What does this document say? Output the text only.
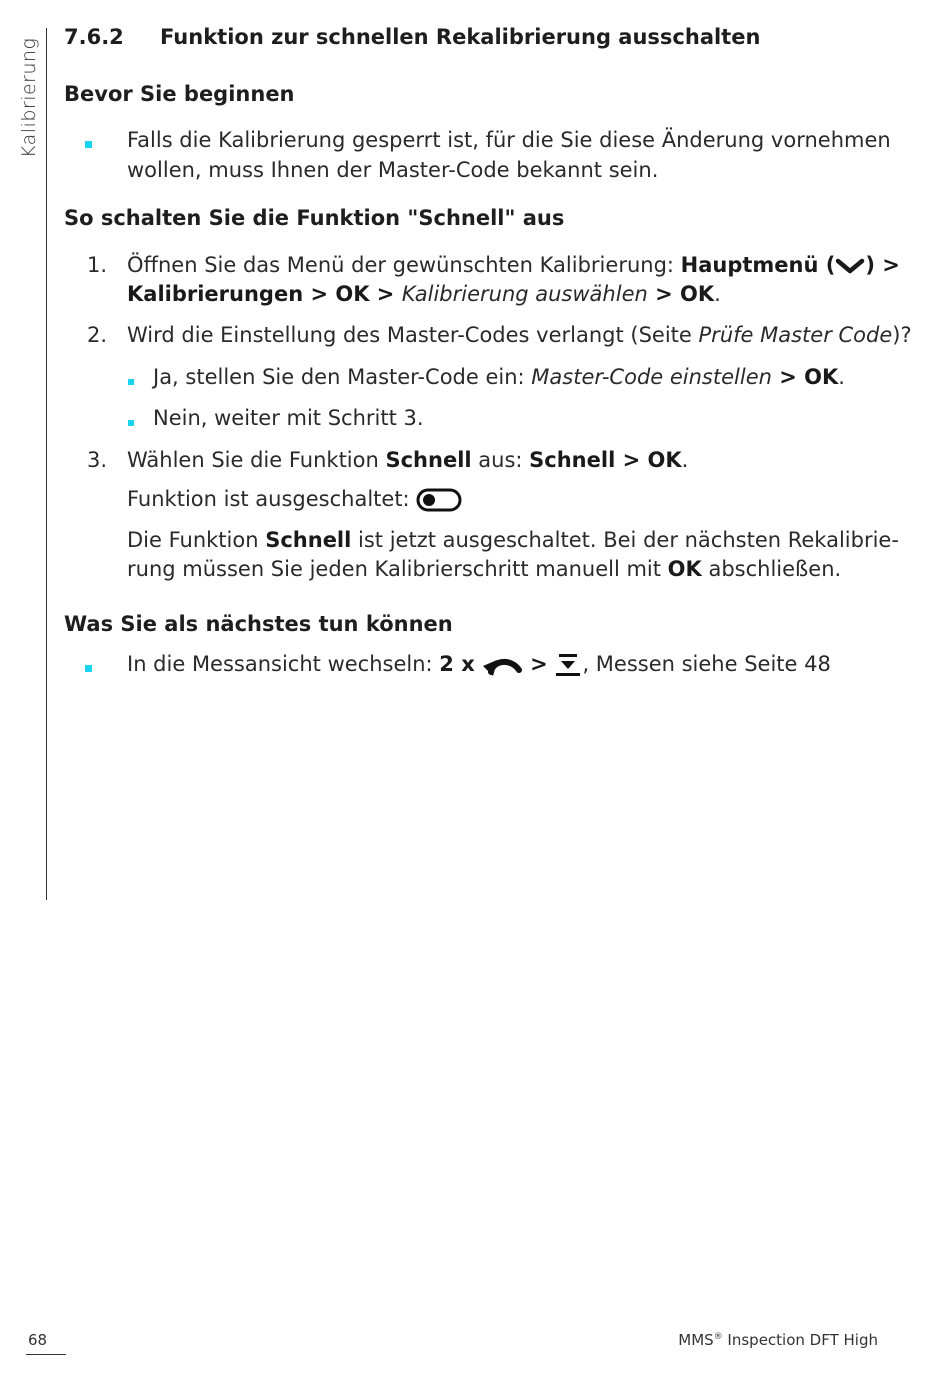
Kalibrierung
7.6.2 Funktion zur schnellen Rekalibrierung ausschalten
Bevor Sie beginnen
Falls die Kalibrierung gesperrt ist, für die Sie diese Änderung vornehmen
wollen, muss Ihnen der Master-Code bekannt sein.
So schalten Sie die Funktion "Schnell" aus
1. Öffnen Sie das Menü der gewünschten Kalibrierung: Hauptmenü ( ) >
Kalibrierungen > OK > Kalibrierung auswählen > OK.
2. Wird die Einstellung des Master-Codes verlangt (Seite Prüfe Master Code)?
Ja, stellen Sie den Master-Code ein: Master-Code einstellen > OK.
Nein, weiter mit Schritt 3.
3. Wählen Sie die Funktion Schnell aus: Schnell > OK.
Funktion ist ausgeschaltet:
Die Funktion Schnell ist jetzt ausgeschaltet. Bei der nächsten Rekalibrie-
rung müssen Sie jeden Kalibrierschritt manuell mit OK abschließen.
Was Sie als nächstes tun können
In die Messansicht wechseln: 2 x	> , Messen siehe Seite 48
68	MMS® Inspection DFT High
